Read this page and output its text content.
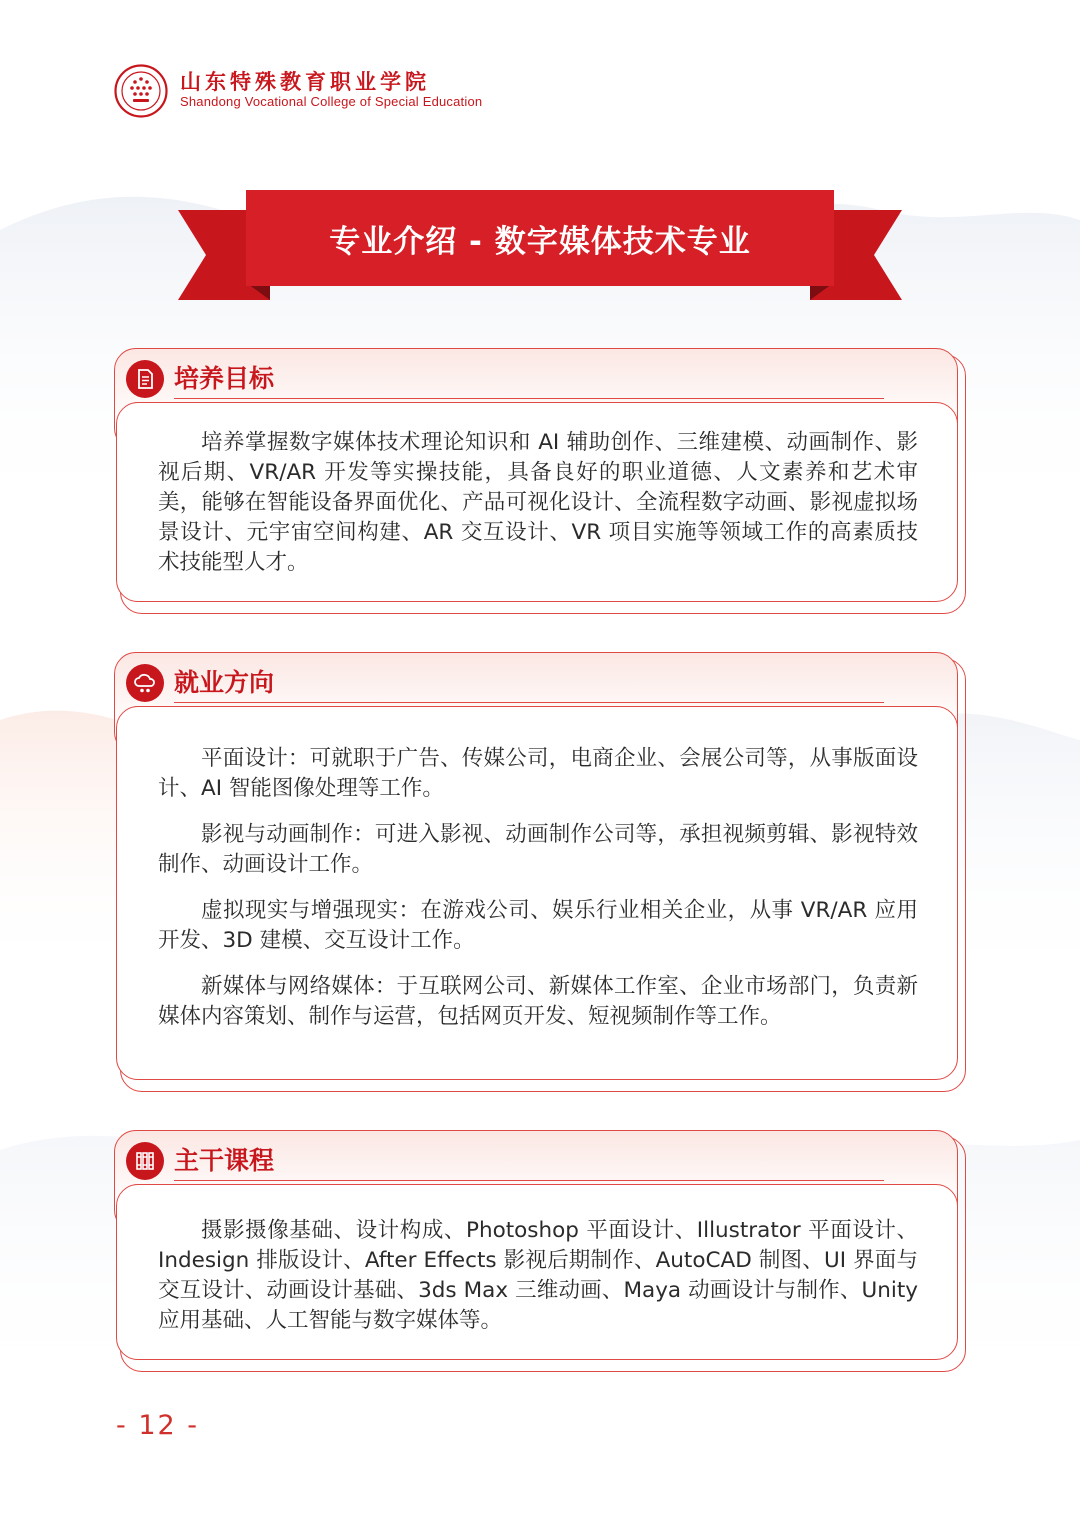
山东特殊教育职业学院
Shandong Vocational College of Special Education
专业介绍 - 数字媒体技术专业
培养目标

培养掌握数字媒体技术理论知识和 AI 辅助创作、三维建模、动画制作、影视后期、VR/AR 开发等实操技能，具备良好的职业道德、人文素养和艺术审美，能够在智能设备界面优化、产品可视化设计、全流程数字动画、影视虚拟场景设计、元宇宙空间构建、AR 交互设计、VR 项目实施等领域工作的高素质技术技能型人才。

就业方向

平面设计：可就职于广告、传媒公司，电商企业、会展公司等，从事版面设计、AI 智能图像处理等工作。

影视与动画制作：可进入影视、动画制作公司等，承担视频剪辑、影视特效制作、动画设计工作。

虚拟现实与增强现实：在游戏公司、娱乐行业相关企业，从事 VR/AR 应用开发、3D 建模、交互设计工作。

新媒体与网络媒体：于互联网公司、新媒体工作室、企业市场部门，负责新媒体内容策划、制作与运营，包括网页开发、短视频制作等工作。

主干课程

摄影摄像基础、设计构成、Photoshop 平面设计、Illustrator 平面设计、Indesign 排版设计、After Effects 影视后期制作、AutoCAD 制图、UI 界面与交互设计、动画设计基础、3ds Max 三维动画、Maya 动画设计与制作、Unity 应用基础、人工智能与数字媒体等。

- 12 -
